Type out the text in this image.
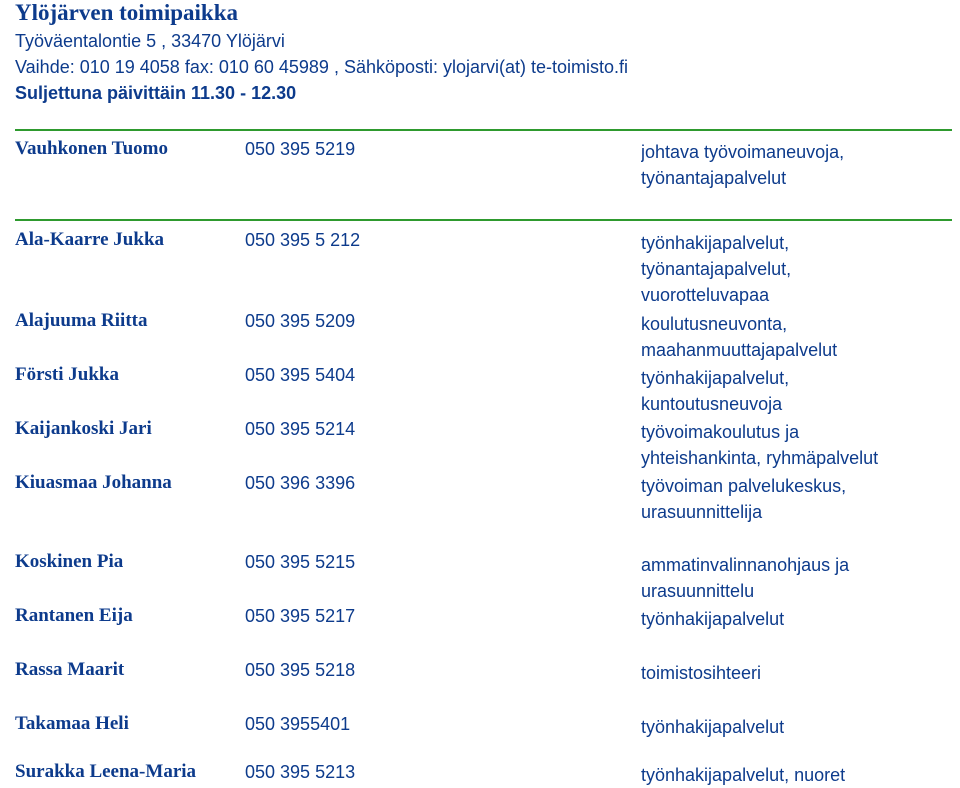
Ylöjärven toimipaikka
Työväentalontie 5 , 33470 Ylöjärvi
Vaihde: 010 19 4058 fax: 010 60 45989 , Sähköposti: ylojarvi(at) te-toimisto.fi
Suljettuna päivittäin 11.30 - 12.30
Vauhkonen Tuomo	050 395 5219	johtava työvoimaneuvoja,
työnantajapalvelut
Ala-Kaarre Jukka	050 395 5 212	työnhakijapalvelut,
työnantajapalvelut,
vuorotteluvapaa
Alajuuma Riitta	050 395 5209	koulutusneuvonta,
maahanmuuttajapalvelut
Försti Jukka	050 395 5404	työnhakijapalvelut,
kuntoutusneuvoja
Kaijankoski Jari	050 395 5214	työvoimakoulutus ja
yhteishankinta, ryhmäpalvelut
Kiuasmaa Johanna	050 396 3396	työvoiman palvelukeskus,
urasuunnittelija
Koskinen Pia	050 395 5215	ammatinvalinnanohjaus ja
urasuunnittelu
Rantanen Eija	050 395 5217	työnhakijapalvelut
Rassa Maarit	050 395 5218	toimistosihteeri
Takamaa Heli	050 3955401	työnhakijapalvelut
Surakka Leena-Maria	050 395 5213	työnhakijapalvelut, nuoret
